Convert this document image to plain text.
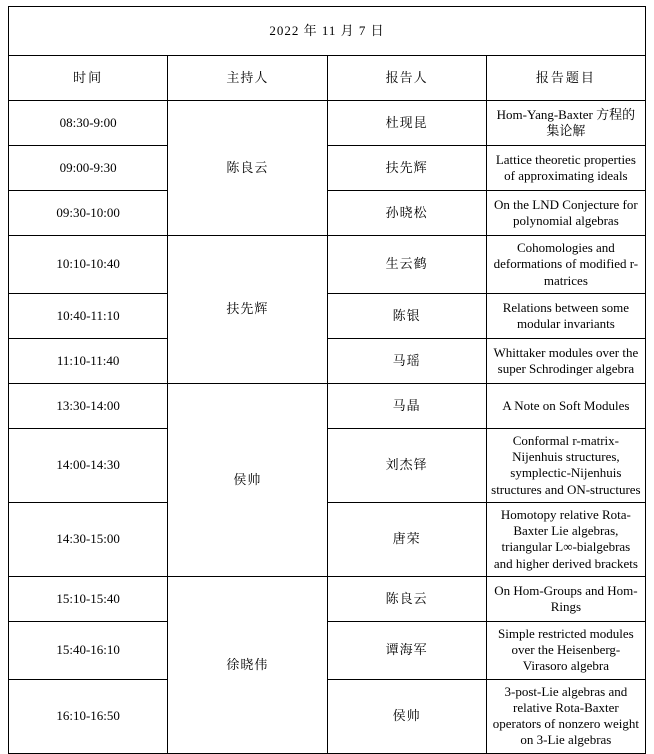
2022 年 11 月 7 日			
时间	主持人	报告人	报告题目
08:30-9:00	陈良云	杜现昆	Hom-Yang-Baxter 方程的集论解
09:00-9:30		扶先辉	Lattice theoretic properties of approximating ideals
09:30-10:00		孙晓松	On the LND Conjecture for polynomial algebras
10:10-10:40	扶先辉	生云鹤	Cohomologies and deformations of modified r-matrices
10:40-11:10		陈银	Relations between some modular invariants
11:10-11:40		马瑶	Whittaker modules over the super Schrodinger algebra
13:30-14:00	侯帅	马晶	A Note on Soft Modules
14:00-14:30		刘杰铎	Conformal r-matrix-Nijenhuis structures, symplectic-Nijenhuis structures and ON-structures
14:30-15:00		唐荣	Homotopy relative Rota-Baxter Lie algebras, triangular L∞-bialgebras and higher derived brackets
15:10-15:40	徐晓伟	陈良云	On Hom-Groups and Hom-Rings
15:40-16:10		谭海军	Simple restricted modules over the Heisenberg-Virasoro algebra
16:10-16:50		侯帅	3-post-Lie algebras and relative Rota-Baxter operators of nonzero weight on 3-Lie algebras
